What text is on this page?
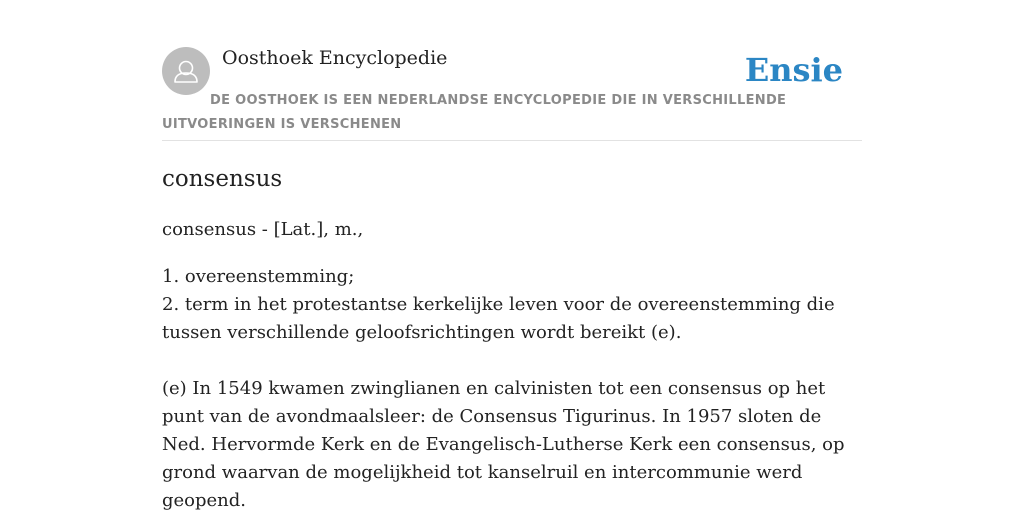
Oosthoek Encyclopedie	Ensie
DE OOSTHOEK IS EEN NEDERLANDSE ENCYCLOPEDIE DIE IN VERSCHILLENDE UITVOERINGEN IS VERSCHENEN
consensus
consensus - [Lat.], m.,
1. overeenstemming;
2. term in het protestantse kerkelijke leven voor de overeenstemming die tussen verschillende geloofsrichtingen wordt bereikt (e).
(e) In 1549 kwamen zwinglianen en calvinisten tot een consensus op het punt van de avondmaalsleer: de Consensus Tigurinus. In 1957 sloten de Ned. Hervormde Kerk en de Evangelisch-Lutherse Kerk een consensus, op grond waarvan de mogelijkheid tot kanselruil en intercommunie werd geopend.
